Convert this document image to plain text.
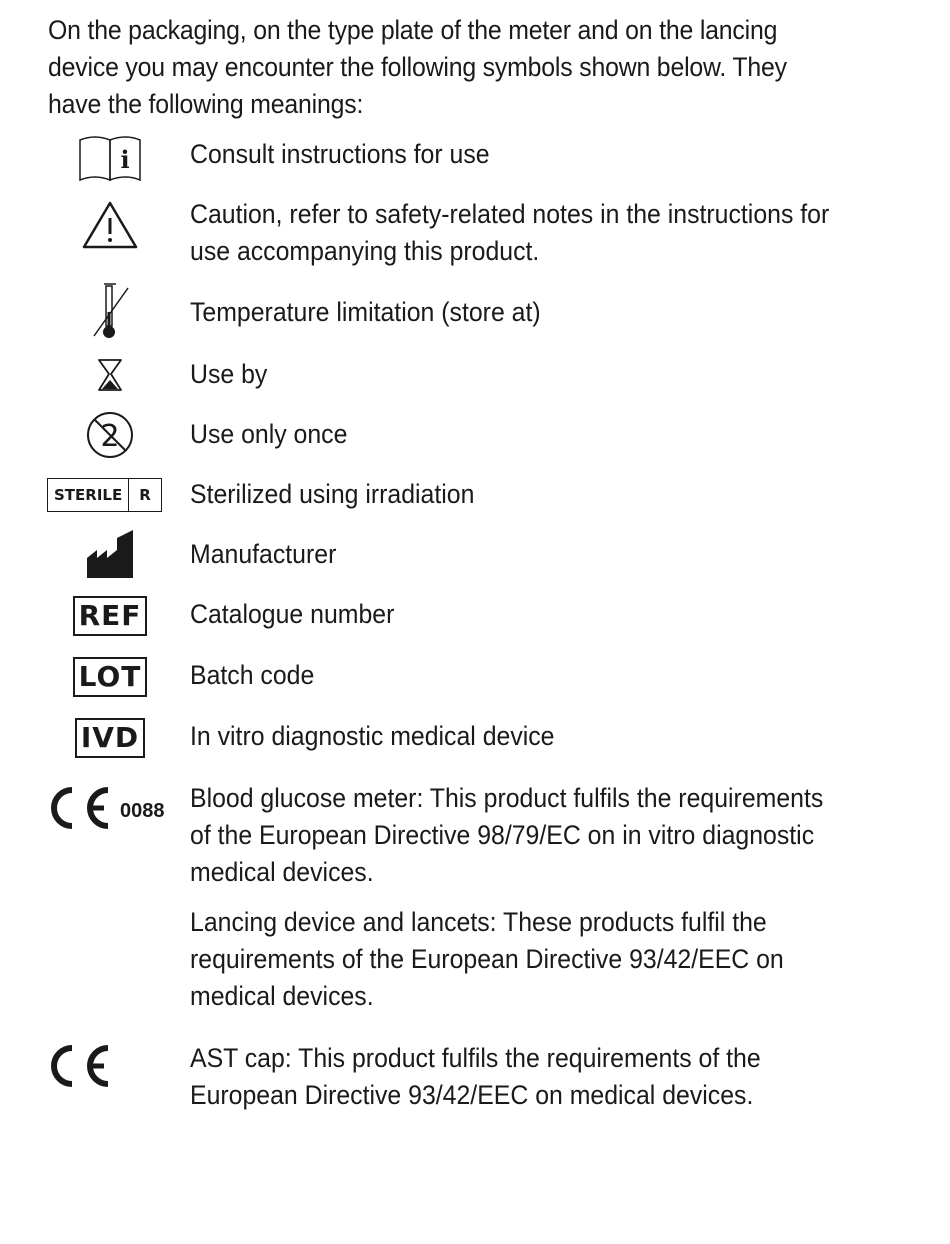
On the packaging, on the type plate of the meter and on the lancing device you may encounter the following symbols shown below. They have the following meanings:

i Consult instructions for use

Caution, refer to safety-related notes in the instructions for use accompanying this product.

Temperature limitation (store at)

Use by

2	Use only once

STERILE	R	Sterilized using irradiation

Manufacturer

REF Catalogue number

LOT Batch code

IVD In vitro diagnostic medical device

0088 Blood glucose meter: This product fulfils the requirements of the European Directive 98/79/EC on in vitro diagnostic medical devices.

Lancing device and lancets: These products fulfil the requirements of the European Directive 93/42/EEC on medical devices.

AST cap: This product fulfils the requirements of the European Directive 93/42/EEC on medical devices.
